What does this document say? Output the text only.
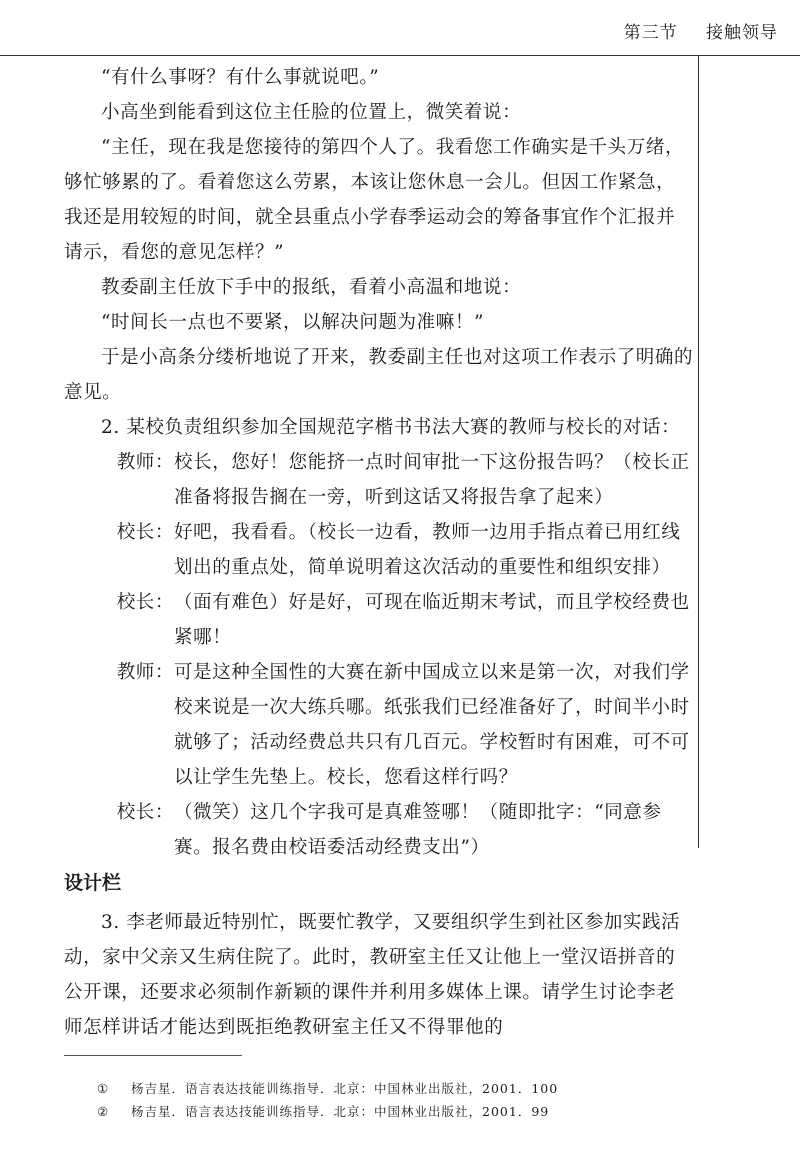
第三节 接触领导

“有什么事呀？有什么事就说吧。”

小高坐到能看到这位主任脸的位置上，微笑着说：

“主任，现在我是您接待的第四个人了。我看您工作确实是千头万绪，够忙够累的了。看着您这么劳累，本该让您休息一会儿。但因工作紧急，我还是用较短的时间，就全县重点小学春季运动会的筹备事宜作个汇报并请示，看您的意见怎样？”

教委副主任放下手中的报纸，看着小高温和地说：

“时间长一点也不要紧，以解决问题为准嘛！”

于是小高条分缕析地说了开来，教委副主任也对这项工作表示了明确的意见。

2. 某校负责组织参加全国规范字楷书书法大赛的教师与校长的对话：

教师： 校长，您好！您能挤一点时间审批一下这份报告吗？（校长正准备将报告搁在一旁，听到这话又将报告拿了起来）
校长： 好吧，我看看。（校长一边看，教师一边用手指点着已用红线划出的重点处，简单说明着这次活动的重要性和组织安排）
校长： （面有难色）好是好，可现在临近期末考试，而且学校经费也紧哪！
教师： 可是这种全国性的大赛在新中国成立以来是第一次，对我们学校来说是一次大练兵哪。纸张我们已经准备好了，时间半小时就够了；活动经费总共只有几百元。学校暂时有困难，可不可以让学生先垫上。校长，您看这样行吗？
校长： （微笑）这几个字我可是真难签哪！（随即批字：“同意参赛。报名费由校语委活动经费支出”）
设计栏

3. 李老师最近特别忙，既要忙教学，又要组织学生到社区参加实践活动，家中父亲又生病住院了。此时，教研室主任又让他上一堂汉语拼音的公开课，还要求必须制作新颖的课件并利用多媒体上课。请学生讨论李老师怎样讲话才能达到既拒绝教研室主任又不得罪他的

① 杨吉星．语言表达技能训练指导．北京：中国林业出版社，2001．100
② 杨吉星．语言表达技能训练指导．北京：中国林业出版社，2001．99
